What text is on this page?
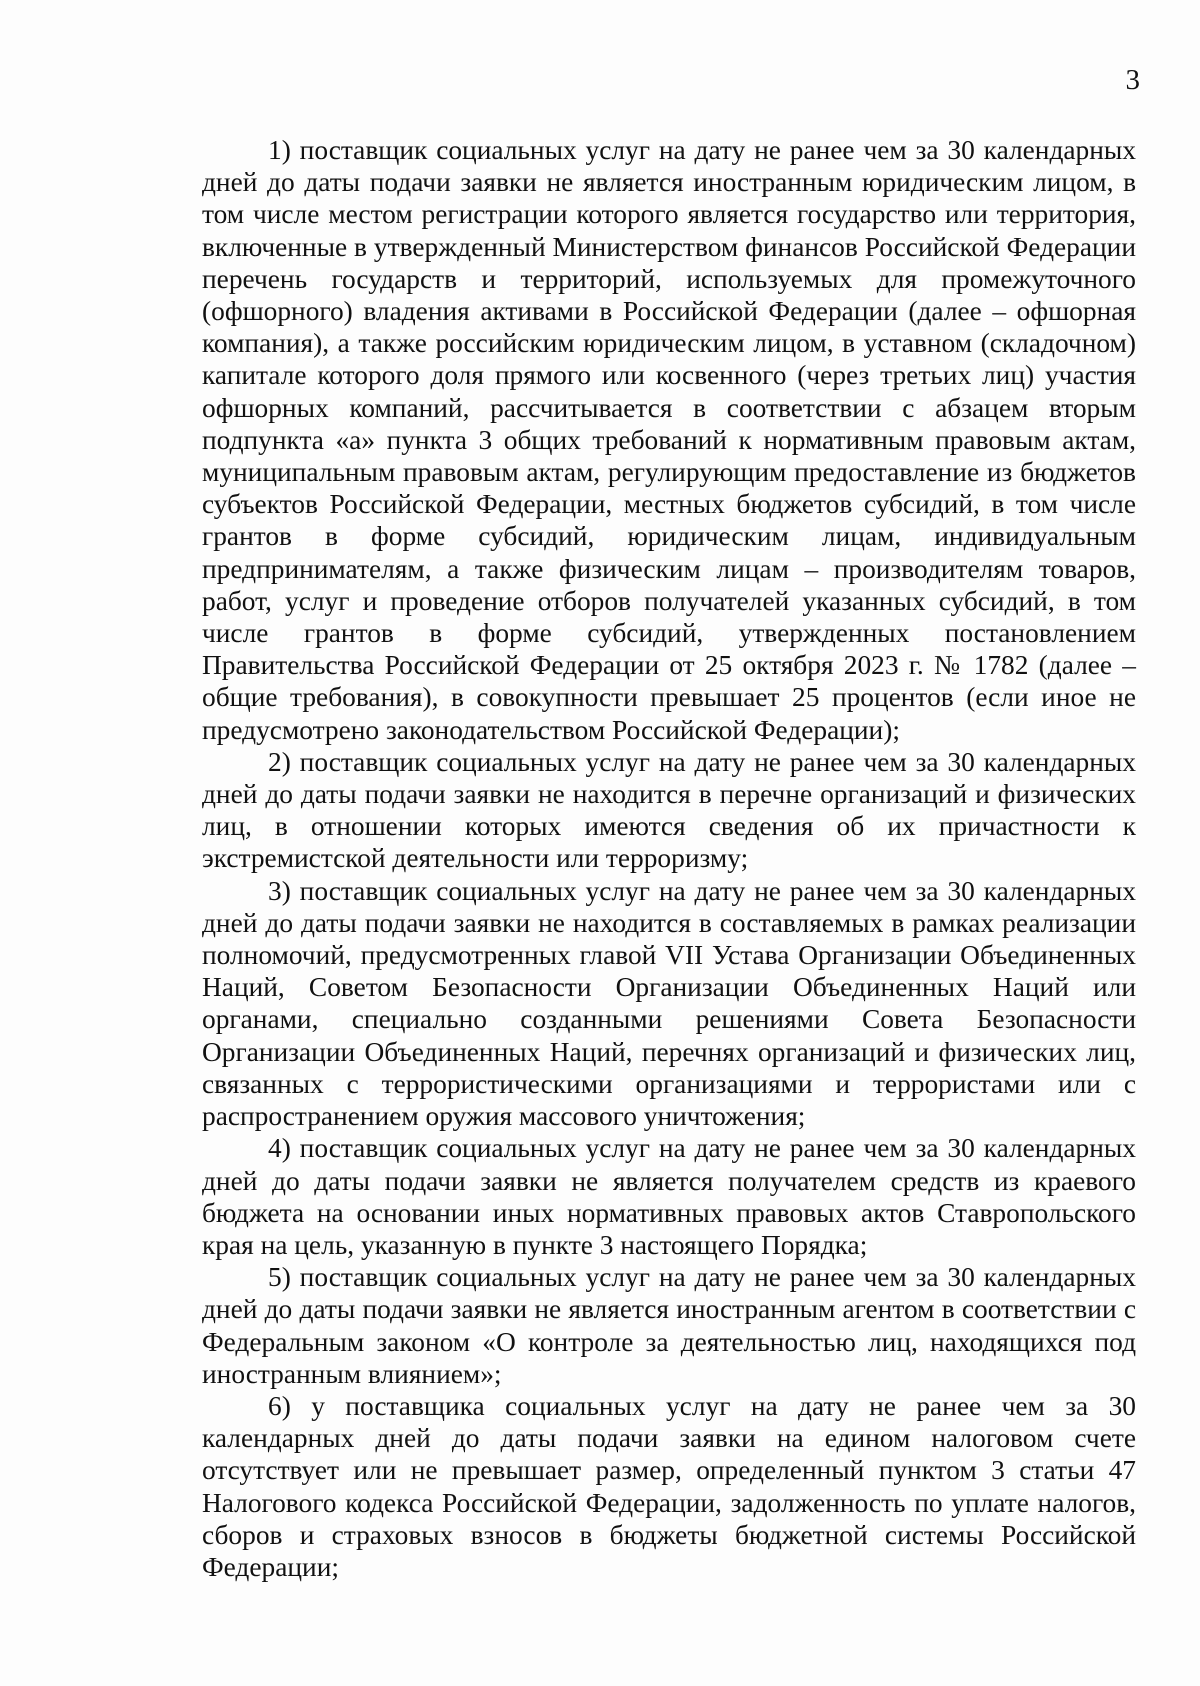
3

1) поставщик социальных услуг на дату не ранее чем за 30 календарных дней до даты подачи заявки не является иностранным юридическим лицом, в том числе местом регистрации которого является государство или территория, включенные в утвержденный Министерством финансов Российской Федерации перечень государств и территорий, используемых для промежуточного (офшорного) владения активами в Российской Федерации (далее – офшорная компания), а также российским юридическим лицом, в уставном (складочном) капитале которого доля прямого или косвенного (через третьих лиц) участия офшорных компаний, рассчитывается в соответствии с абзацем вторым подпункта «а» пункта 3 общих требований к нормативным правовым актам, муниципальным правовым актам, регулирующим предоставление из бюджетов субъектов Российской Федерации, местных бюджетов субсидий, в том числе грантов в форме субсидий, юридическим лицам, индивидуальным предпринимателям, а также физическим лицам – производителям товаров, работ, услуг и проведение отборов получателей указанных субсидий, в том числе грантов в форме субсидий, утвержденных постановлением Правительства Российской Федерации от 25 октября 2023 г. № 1782 (далее – общие требования), в совокупности превышает 25 процентов (если иное не предусмотрено законодательством Российской Федерации);

2) поставщик социальных услуг на дату не ранее чем за 30 календарных дней до даты подачи заявки не находится в перечне организаций и физических лиц, в отношении которых имеются сведения об их причастности к экстремистской деятельности или терроризму;

3) поставщик социальных услуг на дату не ранее чем за 30 календарных дней до даты подачи заявки не находится в составляемых в рамках реализации полномочий, предусмотренных главой VII Устава Организации Объединенных Наций, Советом Безопасности Организации Объединенных Наций или органами, специально созданными решениями Совета Безопасности Организации Объединенных Наций, перечнях организаций и физических лиц, связанных с террористическими организациями и террористами или с распространением оружия массового уничтожения;

4) поставщик социальных услуг на дату не ранее чем за 30 календарных дней до даты подачи заявки не является получателем средств из краевого бюджета на основании иных нормативных правовых актов Ставропольского края на цель, указанную в пункте 3 настоящего Порядка;

5) поставщик социальных услуг на дату не ранее чем за 30 календарных дней до даты подачи заявки не является иностранным агентом в соответствии с Федеральным законом «О контроле за деятельностью лиц, находящихся под иностранным влиянием»;

6) у поставщика социальных услуг на дату не ранее чем за 30 календарных дней до даты подачи заявки на едином налоговом счете отсутствует или не превышает размер, определенный пунктом 3 статьи 47 Налогового кодекса Российской Федерации, задолженность по уплате налогов, сборов и страховых взносов в бюджеты бюджетной системы Российской Федерации;
